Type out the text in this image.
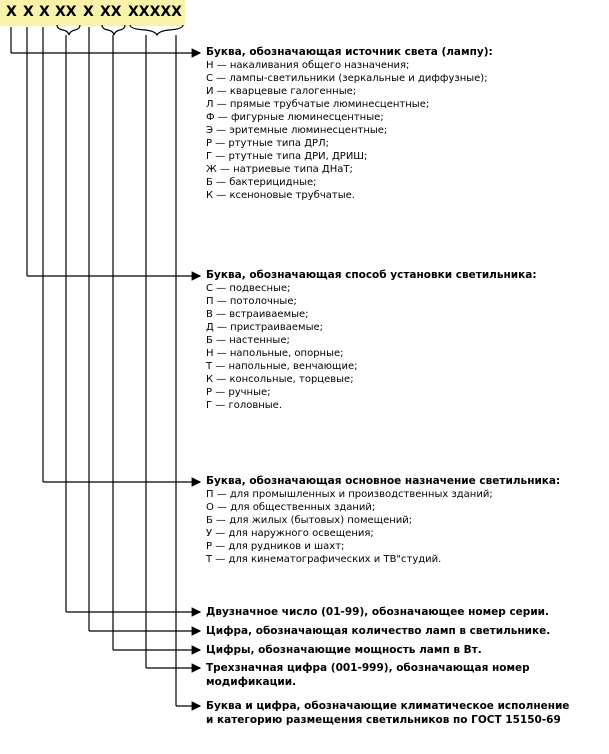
Х Х Х ХХ Х ХХ ХХХХХ
Буква, обозначающая источник света (лампу):
Н — накаливания общего назначения;
С — лампы-светильники (зеркальные и диффузные);
И — кварцевые галогенные;
Л — прямые трубчатые люминесцентные;
Ф — фигурные люминесцентные;
Э — эритемные люминесцентные;
Р — ртутные типа ДРЛ;
Г — ртутные типа ДРИ, ДРИШ;
Ж — натриевые типа ДНаТ;
Б — бактерицидные;
К — ксеноновые трубчатые.
Буква, обозначающая способ установки светильника:
С — подвесные;
П — потолочные;
В — встраиваемые;
Д — пристраиваемые;
Б — настенные;
Н — напольные, опорные;
Т — напольные, венчающие;
К — консольные, торцевые;
Р — ручные;
Г — головные.
Буква, обозначающая основное назначение светильника:
П — для промышленных и производственных зданий;
О — для общественных зданий;
Б — для жилых (бытовых) помещений;
У — для наружного освещения;
Р — для рудников и шахт;
Т — для кинематографических и ТВ"студий.
Двузначное число (01-99), обозначающее номер серии.
Цифра, обозначающая количество ламп в светильнике.
Цифры, обозначающие мощность ламп в Вт.
Трехзначная цифра (001-999), обозначающая номер модификации.
Буква и цифра, обозначающие климатическое исполнение и категорию размещения светильников по ГОСТ 15150-69
